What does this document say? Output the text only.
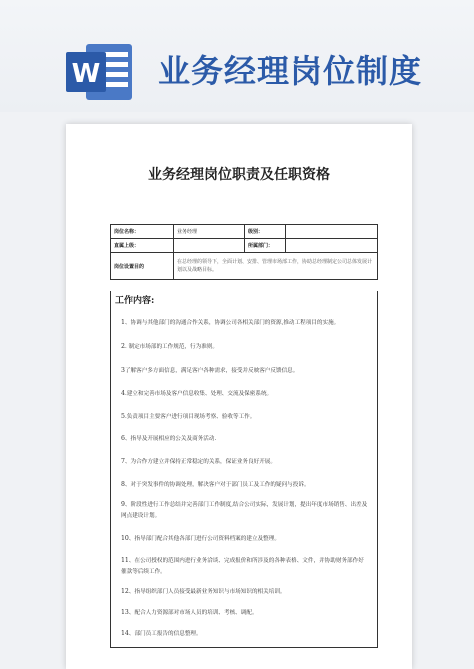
W 业务经理岗位制度
​
业务经理岗位职责及任职资格
岗位名称：	业务经理	级别：	
直属上级：		所属部门：	
岗位设置目的	在总经理的领导下，全面计划、安排、管理市场部工作，协助总经理制定公司总体发展计划以及战略目标。		
工作内容:
1、协调与其他部门的沟通合作关系，协调公司各相关部门的资源,推动工程项目的实施。
2. 制定市场部的工作规范，行为准则。
3了解客户多方面信息，满足客户各种需求，接受并反映客户反馈信息。
4.建立和完善市场及客户信息收集、处理、交流及保密系统。
5.负责项目主要客户进行项目现场考察、验收等工作。
6、指导及开展相应的公关及商务活动.
7、为合作方建立并保持正常稳定的关系，保证业务良好开展。
8、对于突发事件的协调处理，解决客户对于部门员工及工作的疑问与投诉。
9、阶段性进行工作总结并完善部门工作制度,结合公司实际，发展计划，提出年度市场销售、出差及网点建设计划。
10、指导部门配合其他各部门进行公司资料档案的建立及整理。
11、在公司授权的范围内进行业务洽谈、完成报价和所涉及的各种表格、文件，并协助财务部作好催款等后续工作。
12、指导组织部门人员接受最新业务知识与市场知识的相关培训。
13、配合人力资源部对市场人员的培训、考核、调配。
14、部门员工报告的信息整理。
